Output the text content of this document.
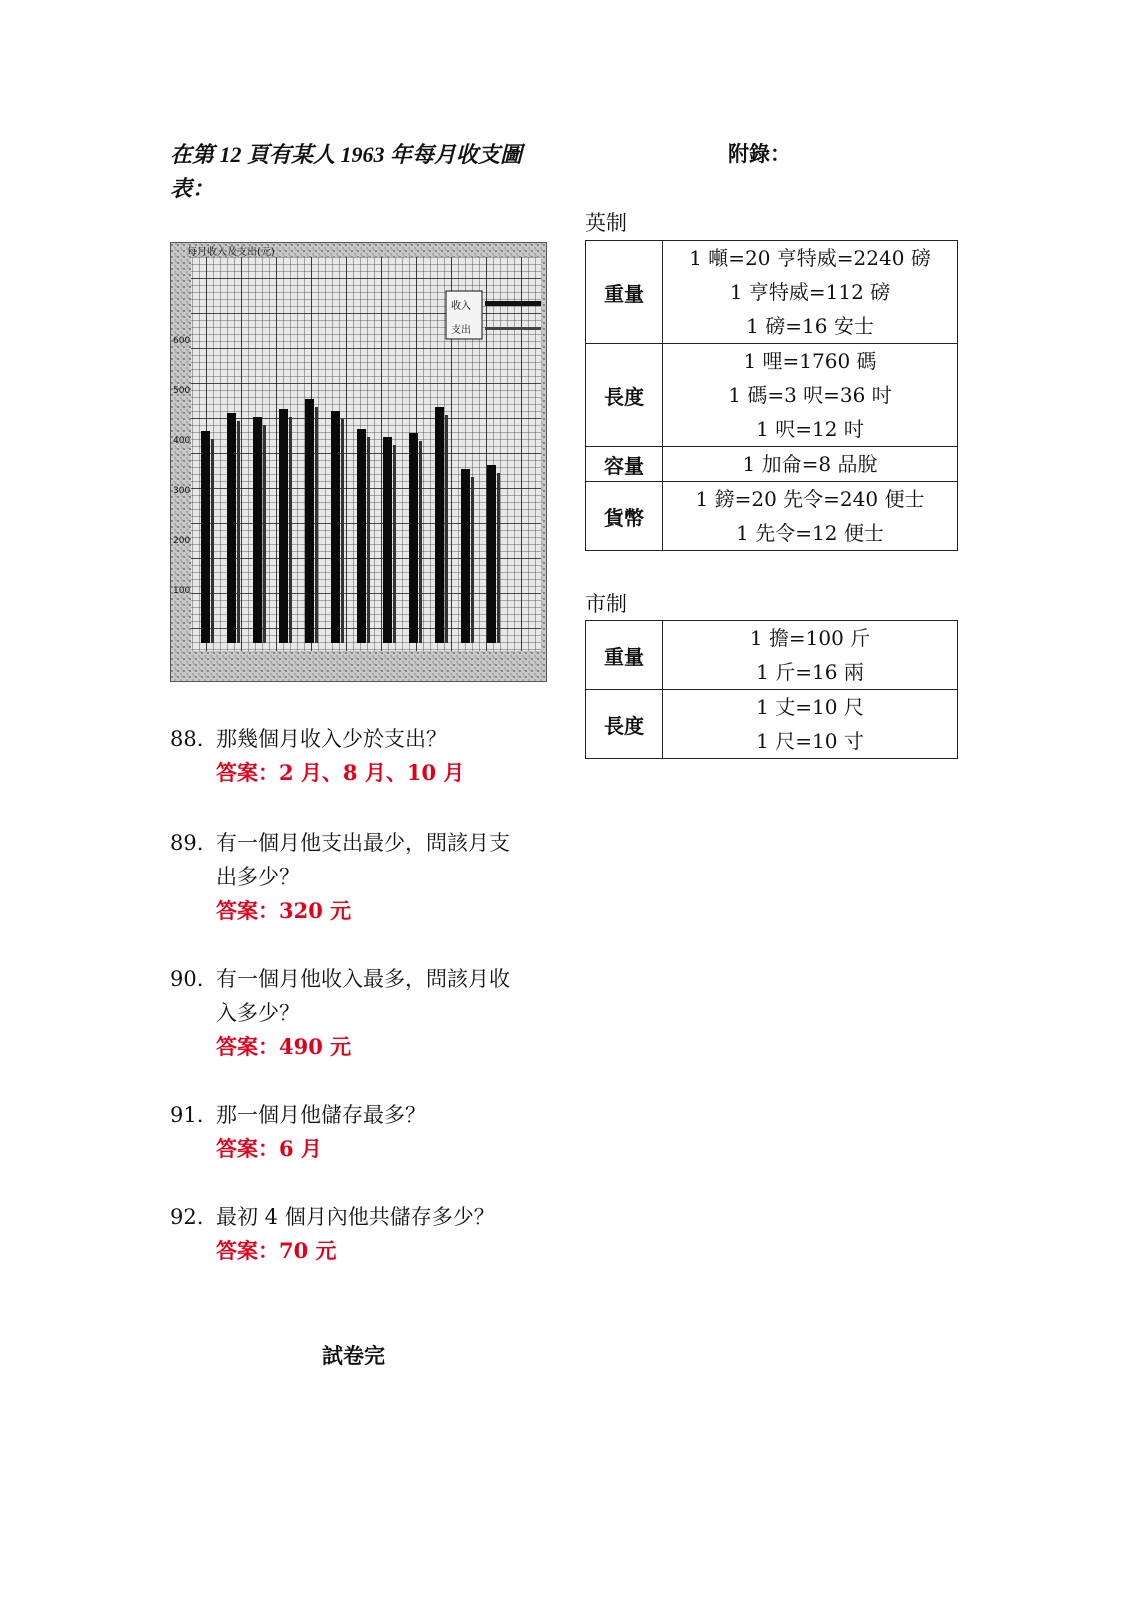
在第 12 頁有某人 1963 年每月收支圖
表：
每月收入及支出(元)
600
500
400
300
200
100
收入
支出
88. 那幾個月收入少於支出？
答案：2 月、8 月、10 月
89. 有一個月他支出最少，問該月支
出多少？
答案：320 元
90. 有一個月他收入最多，問該月收
入多少？
答案：490 元
91. 那一個月他儲存最多？
答案：6 月
92. 最初 4 個月內他共儲存多少？
答案：70 元
試卷完
附錄：
英制
重量	1 噸=20 亨特威=2240 磅
1 亨特威=112 磅
1 磅=16 安士

長度	1 哩=1760 碼
1 碼=3 呎=36 吋
1 呎=12 吋

容量	1 加侖=8 品脫

貨幣	1 鎊=20 先令=240 便士
1 先令=12 便士
市制
重量	1 擔=100 斤
1 斤=16 兩

長度	1 丈=10 尺
1 尺=10 寸
